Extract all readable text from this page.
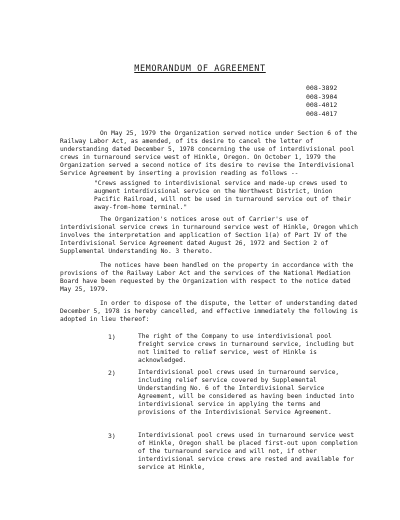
MEMORANDUM OF AGREEMENT
008-3892
008-3904
008-4012
008-4017

On May 25, 1979 the Organization served notice under Section 6 of the Railway Labor Act, as amended, of its desire to cancel the letter of understanding dated December 5, 1978 concerning the use of interdivisional pool crews in turnaround service west of Hinkle, Oregon. On October 1, 1979 the Organization served a second notice of its desire to revise the Interdivisional Service Agreement by inserting a provision reading as follows --

"Crews assigned to interdivisional service and made-up crews used to augment interdivisional service on the Northwest District, Union Pacific Railroad, will not be used in turnaround service out of their away-from-home terminal."

The Organization's notices arose out of Carrier's use of interdivisional service crews in turnaround service west of Hinkle, Oregon which involves the interpretation and application of Section 1(a) of Part IV of the Interdivisional Service Agreement dated August 26, 1972 and Section 2 of Supplemental Understanding No. 3 thereto.

The notices have been handled on the property in accordance with the provisions of the Railway Labor Act and the services of the National Mediation Board have been requested by the Organization with respect to the notice dated May 25, 1979.

In order to dispose of the dispute, the letter of understanding dated December 5, 1978 is hereby cancelled, and effective immediately the following is adopted in lieu thereof:

1)	The right of the Company to use interdivisional pool freight service crews in turnaround service, including but not limited to relief service, west of Hinkle is acknowledged.

2)	Interdivisional pool crews used in turnaround service, including relief service covered by Supplemental Understanding No. 6 of the Interdivisional Service Agreement, will be considered as having been inducted into interdivisional service in applying the terms and provisions of the Interdivisional Service Agreement.

3)	Interdivisional pool crews used in turnaround service west of Hinkle, Oregon shall be placed first-out upon completion of the turnaround service and will not, if other interdivisional service crews are rested and available for service at Hinkle,
